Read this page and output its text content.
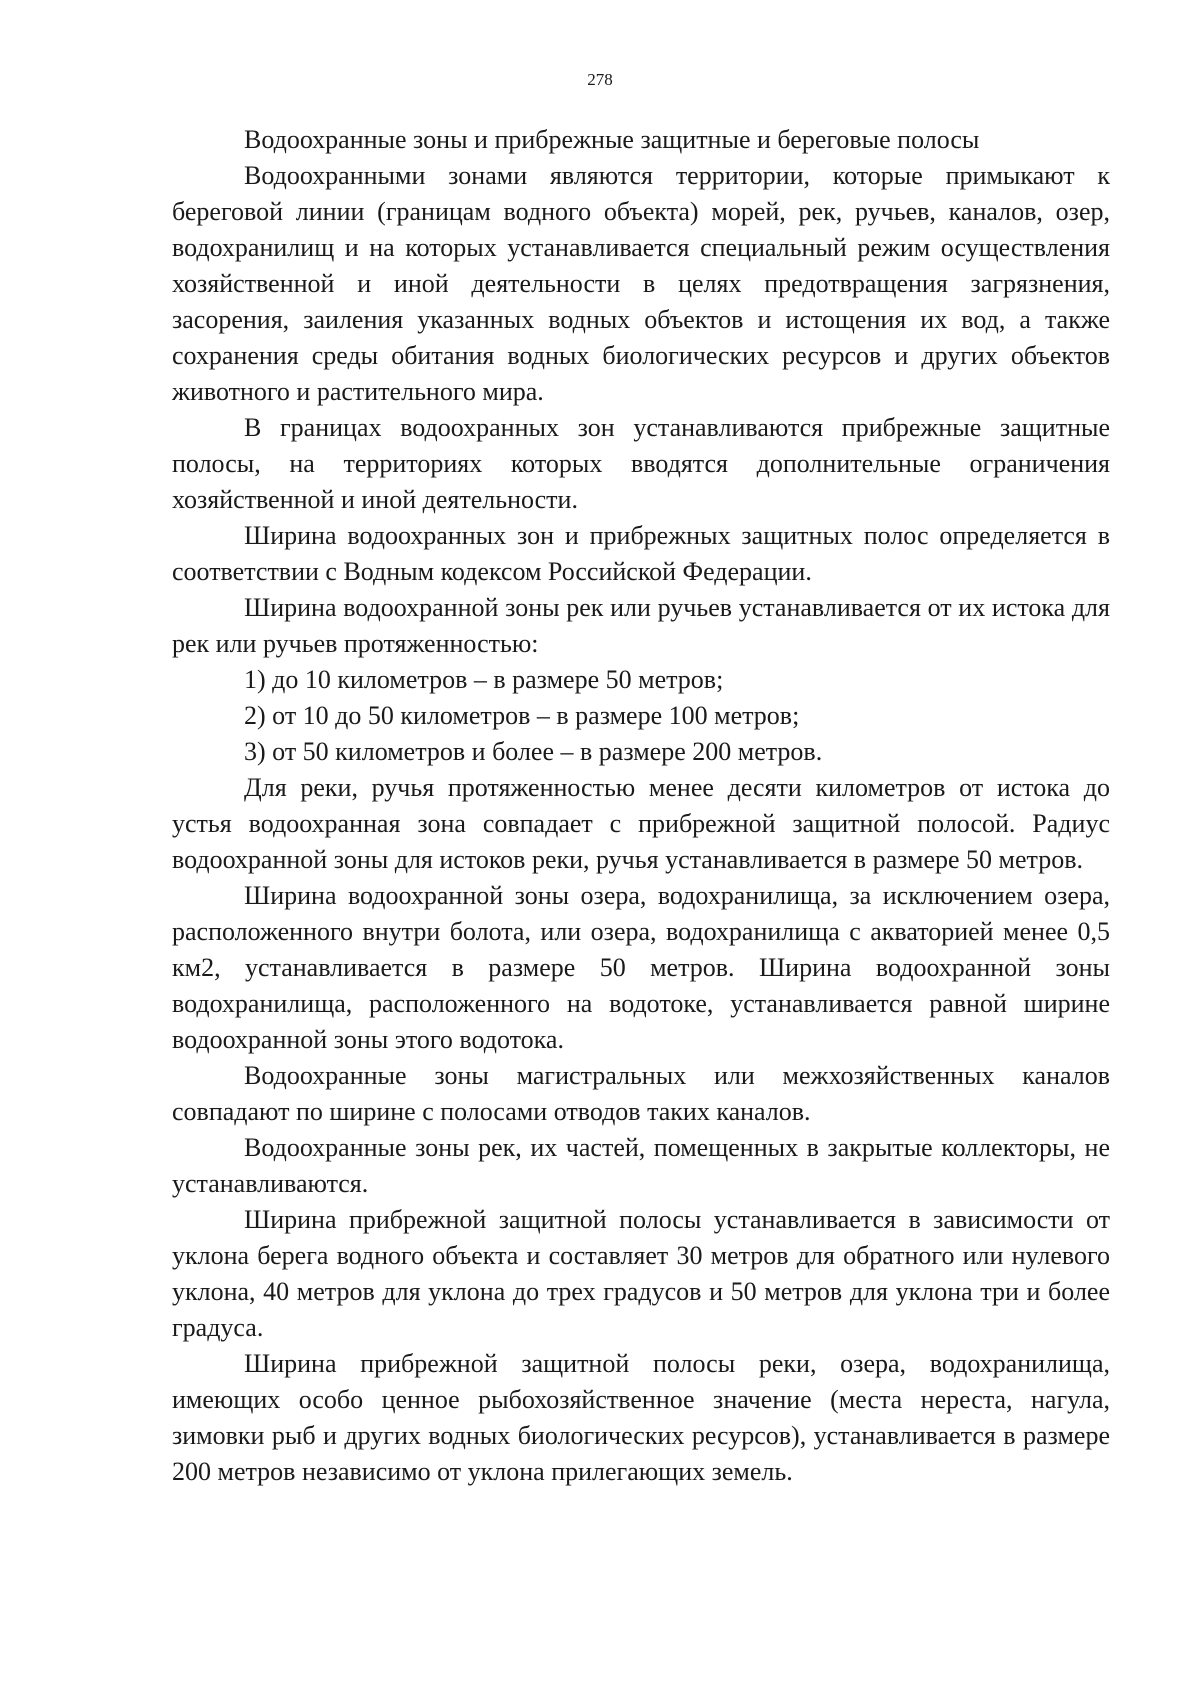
278

Водоохранные зоны и прибрежные защитные и береговые полосы

Водоохранными зонами являются территории, которые примыкают к береговой линии (границам водного объекта) морей, рек, ручьев, каналов, озер, водохранилищ и на которых устанавливается специальный режим осуществления хозяйственной и иной деятельности в целях предотвращения загрязнения, засорения, заиления указанных водных объектов и истощения их вод, а также сохранения среды обитания водных биологических ресурсов и других объектов животного и растительного мира.

В границах водоохранных зон устанавливаются прибрежные защитные полосы, на территориях которых вводятся дополнительные ограничения хозяйственной и иной деятельности.

Ширина водоохранных зон и прибрежных защитных полос определяется в соответствии с Водным кодексом Российской Федерации.

Ширина водоохранной зоны рек или ручьев устанавливается от их истока для рек или ручьев протяженностью:

1) до 10 километров – в размере 50 метров;

2) от 10 до 50 километров – в размере 100 метров;

3) от 50 километров и более – в размере 200 метров.

Для реки, ручья протяженностью менее десяти километров от истока до устья водоохранная зона совпадает с прибрежной защитной полосой. Радиус водоохранной зоны для истоков реки, ручья устанавливается в размере 50 метров.

Ширина водоохранной зоны озера, водохранилища, за исключением озера, расположенного внутри болота, или озера, водохранилища с акваторией менее 0,5 км2, устанавливается в размере 50 метров. Ширина водоохранной зоны водохранилища, расположенного на водотоке, устанавливается равной ширине водоохранной зоны этого водотока.

Водоохранные зоны магистральных или межхозяйственных каналов совпадают по ширине с полосами отводов таких каналов.

Водоохранные зоны рек, их частей, помещенных в закрытые коллекторы, не устанавливаются.

Ширина прибрежной защитной полосы устанавливается в зависимости от уклона берега водного объекта и составляет 30 метров для обратного или нулевого уклона, 40 метров для уклона до трех градусов и 50 метров для уклона три и более градуса.

Ширина прибрежной защитной полосы реки, озера, водохранилища, имеющих особо ценное рыбохозяйственное значение (места нереста, нагула, зимовки рыб и других водных биологических ресурсов), устанавливается в размере 200 метров независимо от уклона прилегающих земель.
